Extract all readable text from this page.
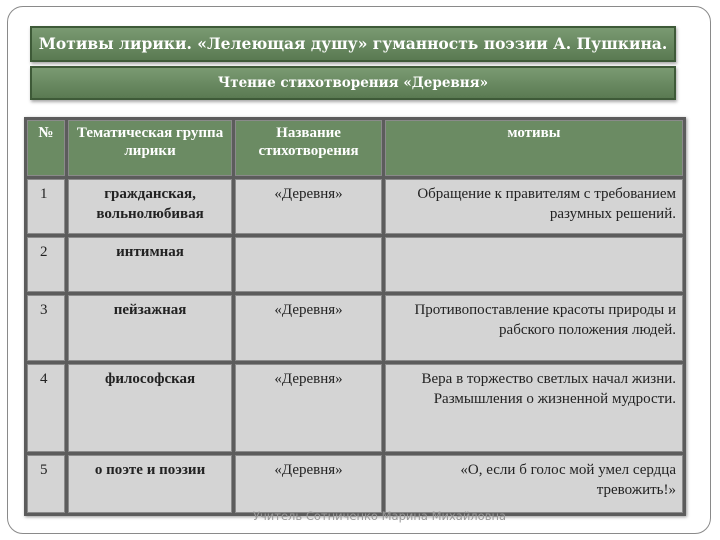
Мотивы лирики. «Лелеющая душу» гуманность поэзии А. Пушкина.
Чтение стихотворения «Деревня»
№	Тематическая группа лирики	Название стихотворения	мотивы
1	гражданская, вольнолюбивая	«Деревня»	Обращение к правителям с требованием разумных решений.
2	интимная		
3	пейзажная	«Деревня»	Противопоставление красоты природы и рабского положения людей.
4	философская	«Деревня»	Вера в торжество светлых начал жизни. Размышления о жизненной мудрости.
5	о поэте и поэзии	«Деревня»	«О, если б голос мой умел сердца тревожить!»
Учитель Сотниченко Марина Михайловна
